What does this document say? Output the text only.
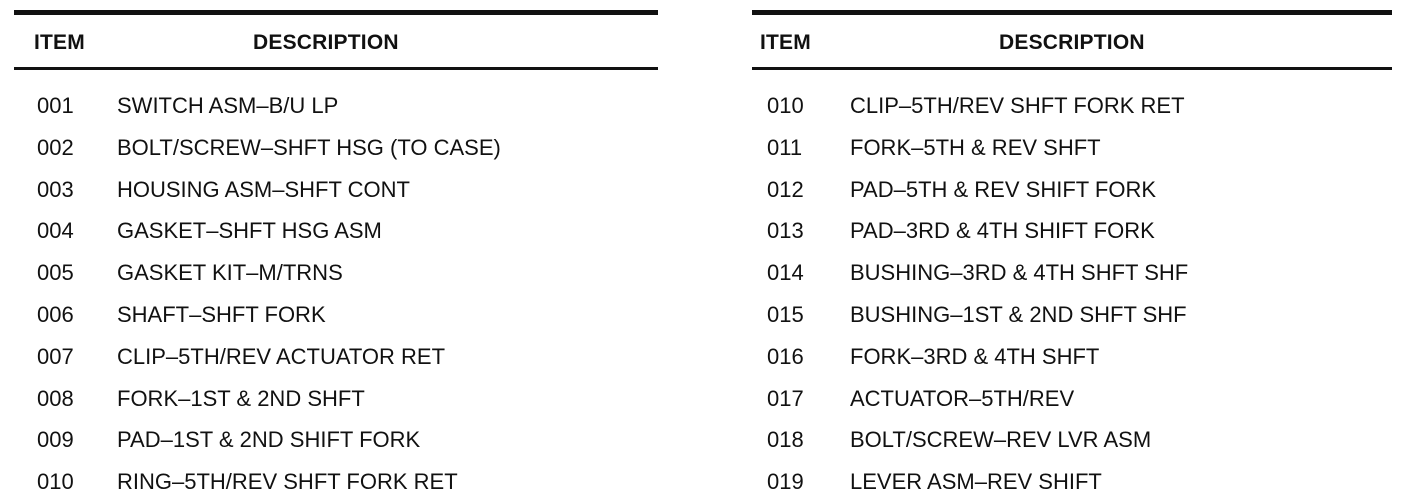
ITEM	DESCRIPTION
001 SWITCH ASM–B/U LP
002 BOLT/SCREW–SHFT HSG (TO CASE)
003 HOUSING ASM–SHFT CONT
004 GASKET–SHFT HSG ASM
005 GASKET KIT–M/TRNS
006 SHAFT–SHFT FORK
007 CLIP–5TH/REV ACTUATOR RET
008 FORK–1ST & 2ND SHFT
009 PAD–1ST & 2ND SHIFT FORK
010 RING–5TH/REV SHFT FORK RET
ITEM	DESCRIPTION
010 CLIP–5TH/REV SHFT FORK RET
011 FORK–5TH & REV SHFT
012 PAD–5TH & REV SHIFT FORK
013 PAD–3RD & 4TH SHIFT FORK
014 BUSHING–3RD & 4TH SHFT SHF
015 BUSHING–1ST & 2ND SHFT SHF
016 FORK–3RD & 4TH SHFT
017 ACTUATOR–5TH/REV
018 BOLT/SCREW–REV LVR ASM
019 LEVER ASM–REV SHIFT
